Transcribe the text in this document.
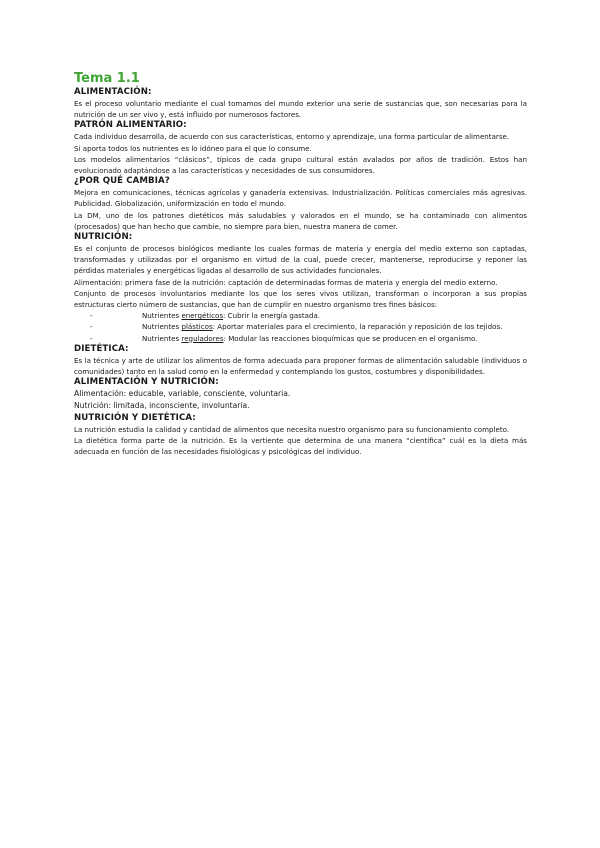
Tema 1.1
ALIMENTACIÓN:

Es el proceso voluntario mediante el cual tomamos del mundo exterior una serie de sustancias que, son necesarias para la nutrición de un ser vivo y, está influido por numerosos factores.

PATRÓN ALIMENTARIO:

Cada individuo desarrolla, de acuerdo con sus características, entorno y aprendizaje, una forma particular de alimentarse.

Si aporta todos los nutrientes es lo idóneo para el que lo consume.

Los modelos alimentarios “clásicos”, típicos de cada grupo cultural están avalados por años de tradición. Estos han evolucionado adaptándose a las características y necesidades de sus consumidores.

¿POR QUÉ CAMBIA?

Mejora en comunicaciones, técnicas agrícolas y ganadería extensivas. Industrialización. Políticas comerciales más agresivas. Publicidad. Globalización, uniformización en todo el mundo.

La DM, uno de los patrones dietéticos más saludables y valorados en el mundo, se ha contaminado con alimentos (procesados) que han hecho que cambie, no siempre para bien, nuestra manera de comer.

NUTRICIÓN:

Es el conjunto de procesos biológicos mediante los cuales formas de materia y energía del medio externo son captadas, transformadas y utilizadas por el organismo en virtud de la cual, puede crecer, mantenerse, reproducirse y reponer las pérdidas materiales y energéticas ligadas al desarrollo de sus actividades funcionales.

Alimentación: primera fase de la nutrición: captación de determinadas formas de materia y energía del medio externo.

Conjunto de procesos involuntarios mediante los que los seres vivos utilizan, transforman o incorporan a sus propias estructuras cierto número de sustancias, que han de cumplir en nuestro organismo tres fines básicos:

-	Nutrientes energéticos: Cubrir la energía gastada.
-	Nutrientes plásticos: Aportar materiales para el crecimiento, la reparación y reposición de los tejidos.
-	Nutrientes reguladores: Modular las reacciones bioquímicas que se producen en el organismo.
DIETÉTICA:

Es la técnica y arte de utilizar los alimentos de forma adecuada para proponer formas de alimentación saludable (individuos o comunidades) tanto en la salud como en la enfermedad y contemplando los gustos, costumbres y disponibilidades.

ALIMENTACIÓN Y NUTRICIÓN:

Alimentación: educable, variable, consciente, voluntaria.

Nutrición: limitada, inconsciente, involuntaria.

NUTRICIÓN Y DIETÉTICA:

La nutrición estudia la calidad y cantidad de alimentos que necesita nuestro organismo para su funcionamiento completo.

La dietética forma parte de la nutrición. Es la vertiente que determina de una manera “científica” cuál es la dieta más adecuada en función de las necesidades fisiológicas y psicológicas del individuo.
